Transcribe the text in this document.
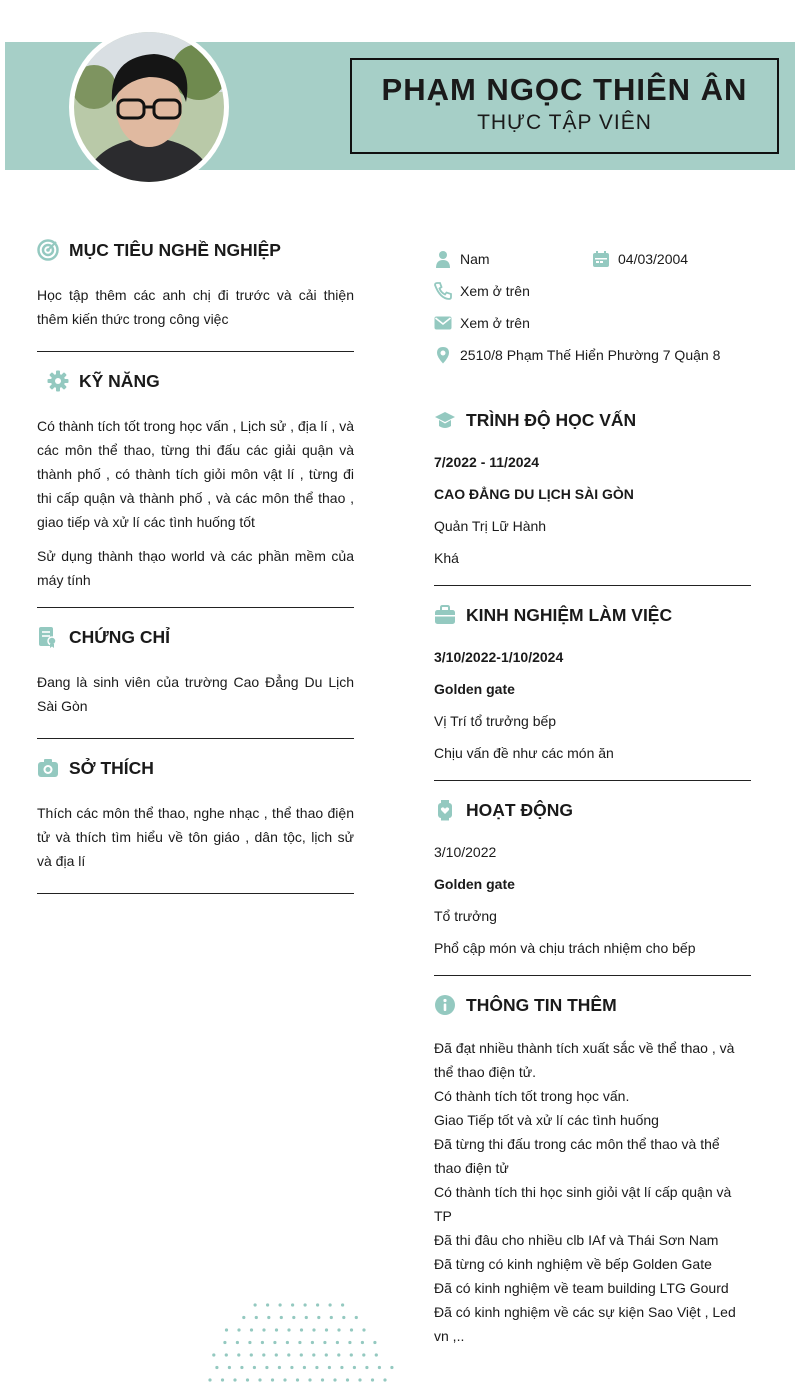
PHẠM NGỌC THIÊN ÂN
THỰC TẬP VIÊN
MỤC TIÊU NGHỀ NGHIỆP
Học tập thêm các anh chị đi trước và cải thiện thêm kiến thức trong công việc
KỸ NĂNG
Có thành tích tốt trong học vấn , Lịch sử , địa lí , và các môn thể thao, từng thi đấu các giải quận và thành phố , có thành tích giỏi môn vật lí , từng đi thi cấp quận và thành phố , và các môn thể thao , giao tiếp và xử lí các tình huống tốt
Sử dụng thành thạo world và các phần mềm của máy tính
CHỨNG CHỈ
Đang là sinh viên của trường Cao Đẳng Du Lịch Sài Gòn
SỞ THÍCH
Thích các môn thể thao, nghe nhạc , thể thao điện tử và thích tìm hiểu về tôn giáo , dân tộc, lịch sử và địa lí
Nam	04/03/2004
Xem ở trên
Xem ở trên
2510/8 Phạm Thế Hiển Phường 7 Quận 8
TRÌNH ĐỘ HỌC VẤN
7/2022 - 11/2024
CAO ĐẲNG DU LỊCH SÀI GÒN
Quản Trị Lữ Hành
Khá
KINH NGHIỆM LÀM VIỆC
3/10/2022-1/10/2024
Golden gate
Vị Trí tổ trưởng bếp
Chịu vấn đề như các món ăn
HOẠT ĐỘNG
3/10/2022
Golden gate
Tổ trưởng
Phổ cập món và chịu trách nhiệm cho bếp
THÔNG TIN THÊM
Đã đạt nhiều thành tích xuất sắc về thể thao , và thể thao điện tử.
Có thành tích tốt trong học vấn.
Giao Tiếp tốt và xử lí các tình huống
Đã từng thi đấu trong các môn thể thao và thể thao điện tử
Có thành tích thi học sinh giỏi vật lí cấp quận và TP
Đã thi đâu cho nhiều clb IAf và Thái Sơn Nam
Đã từng có kinh nghiệm về bếp Golden Gate
Đã có kinh nghiệm về team building LTG Gourd
Đã có kinh nghiệm về các sự kiện Sao Việt , Led vn ,..
